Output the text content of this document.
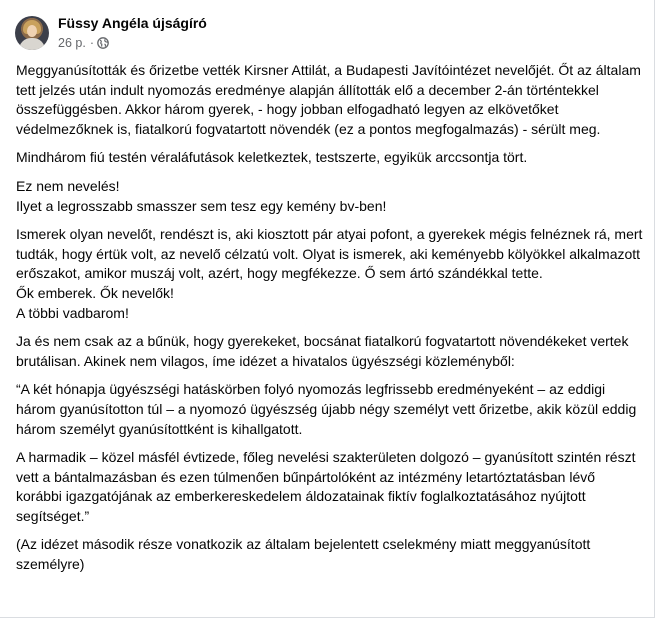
Füssy Angéla újságíró
26 p. ·

Meggyanúsították és őrizetbe vették Kirsner Attilát, a Budapesti Javítóintézet nevelőjét. Őt az általam tett jelzés után indult nyomozás eredménye alapján állították elő a december 2-án történtekkel összefüggésben. Akkor három gyerek, - hogy jobban elfogadható legyen az elkövetőket védelmezőknek is, fiatalkorú fogvatartott növendék (ez a pontos megfogalmazás) - sérült meg.

Mindhárom fiú testén véraláfutások keletkeztek, testszerte, egyikük arccsontja tört.

Ez nem nevelés!
Ilyet a legrosszabb smasszer sem tesz egy kemény bv-ben!

Ismerek olyan nevelőt, rendészt is, aki kiosztott pár atyai pofont, a gyerekek mégis felnéznek rá, mert tudták, hogy értük volt, az nevelő célzatú volt. Olyat is ismerek, aki keményebb kölyökkel alkalmazott erőszakot, amikor muszáj volt, azért, hogy megfékezze. Ő sem ártó szándékkal tette.
Ők emberek. Ők nevelők!
A többi vadbarom!

Ja és nem csak az a bűnük, hogy gyerekeket, bocsánat fiatalkorú fogvatartott növendékeket vertek brutálisan. Akinek nem vilagos, íme idézet a hivatalos ügyészségi közleményből:

“A két hónapja ügyészségi hatáskörben folyó nyomozás legfrissebb eredményeként – az eddigi három gyanúsítotton túl – a nyomozó ügyészség újabb négy személyt vett őrizetbe, akik közül eddig három személyt gyanúsítottként is kihallgatott.

A harmadik – közel másfél évtizede, főleg nevelési szakterületen dolgozó – gyanúsított szintén részt vett a bántalmazásban és ezen túlmenően bűnpártolóként az intézmény letartóztatásban lévő korábbi igazgatójának az emberkereskedelem áldozatainak fiktív foglalkoztatásához nyújtott segítséget.”

(Az idézet második része vonatkozik az általam bejelentett cselekmény miatt meggyanúsított személyre)
